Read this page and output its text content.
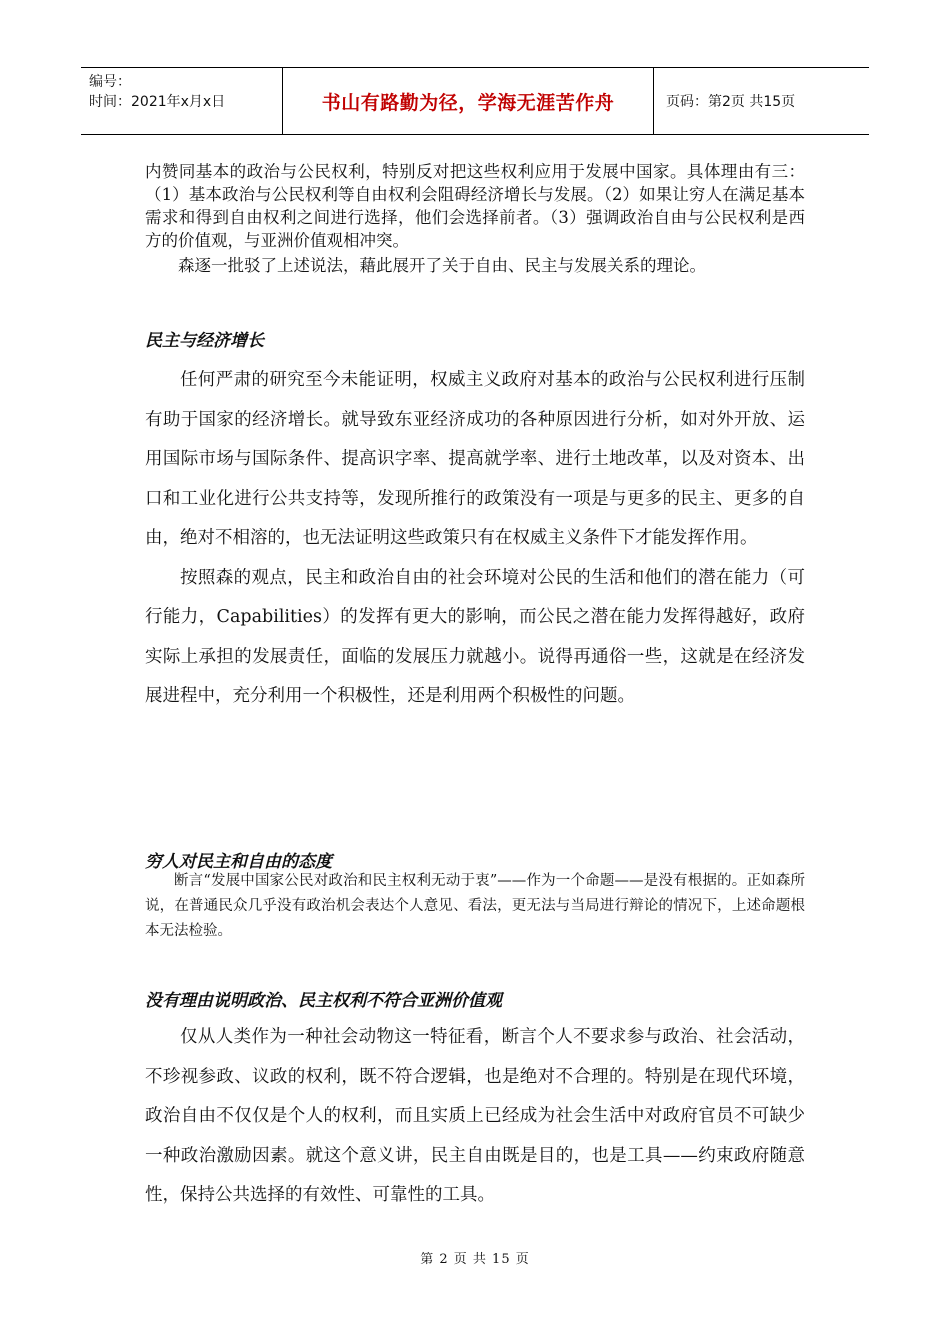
编号：
时间：2021年x月x日	书山有路勤为径，学海无涯苦作舟	页码：第2页 共15页

内赞同基本的政治与公民权利，特别反对把这些权利应用于发展中国家。具体理由有三：（1）基本政治与公民权利等自由权利会阻碍经济增长与发展。（2）如果让穷人在满足基本需求和得到自由权利之间进行选择，他们会选择前者。（3）强调政治自由与公民权利是西方的价值观，与亚洲价值观相冲突。

森逐一批驳了上述说法，藉此展开了关于自由、民主与发展关系的理论。

民主与经济增长

任何严肃的研究至今未能证明，权威主义政府对基本的政治与公民权利进行压制有助于国家的经济增长。就导致东亚经济成功的各种原因进行分析，如对外开放、运用国际市场与国际条件、提高识字率、提高就学率、进行土地改革，以及对资本、出口和工业化进行公共支持等，发现所推行的政策没有一项是与更多的民主、更多的自由，绝对不相溶的，也无法证明这些政策只有在权威主义条件下才能发挥作用。

按照森的观点，民主和政治自由的社会环境对公民的生活和他们的潜在能力（可行能力，Capabilities）的发挥有更大的影响，而公民之潜在能力发挥得越好，政府实际上承担的发展责任，面临的发展压力就越小。说得再通俗一些，这就是在经济发展进程中，充分利用一个积极性，还是利用两个积极性的问题。

穷人对民主和自由的态度

断言“发展中国家公民对政治和民主权利无动于衷”——作为一个命题——是没有根据的。正如森所说，在普通民众几乎没有政治机会表达个人意见、看法，更无法与当局进行辩论的情况下，上述命题根本无法检验。

没有理由说明政治、民主权利不符合亚洲价值观

仅从人类作为一种社会动物这一特征看，断言个人不要求参与政治、社会活动，不珍视参政、议政的权利，既不符合逻辑，也是绝对不合理的。特别是在现代环境，政治自由不仅仅是个人的权利，而且实质上已经成为社会生活中对政府官员不可缺少一种政治激励因素。就这个意义讲，民主自由既是目的，也是工具——约束政府随意性，保持公共选择的有效性、可靠性的工具。

第 2 页 共 15 页
